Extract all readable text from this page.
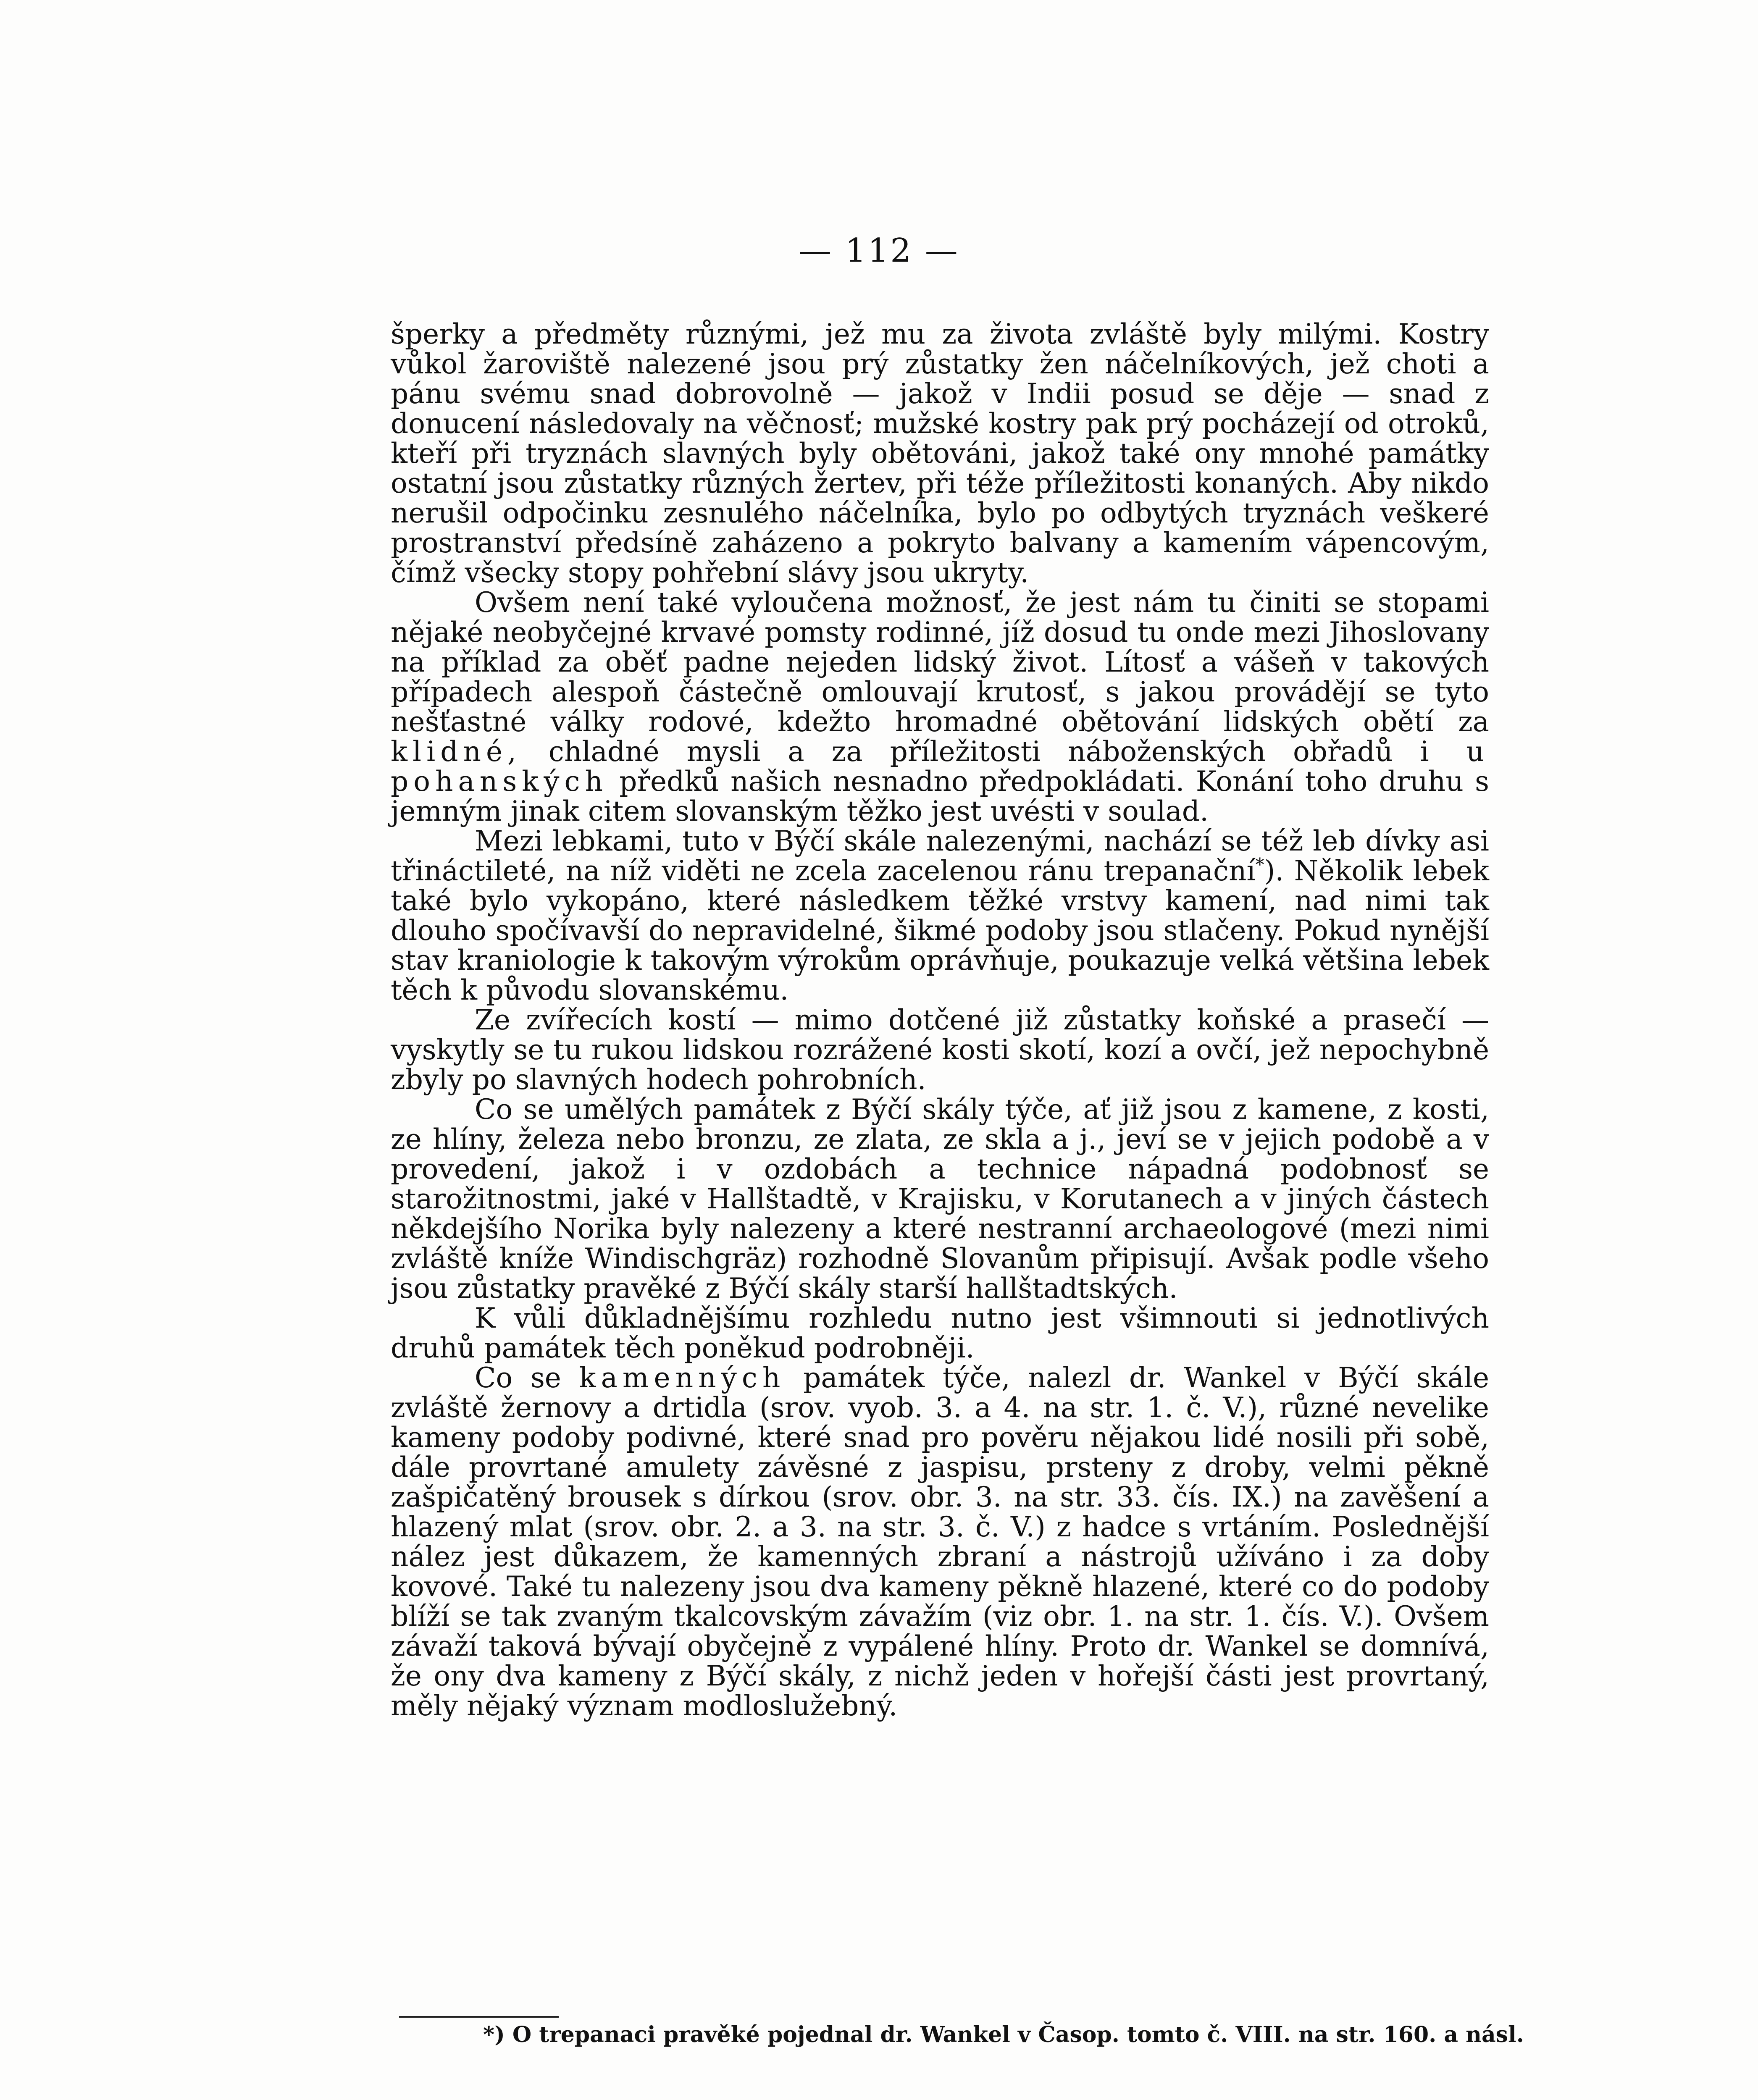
— 112 —

šperky a předměty různými, jež mu za života zvláště byly milými. Kostry vůkol žaroviště nalezené jsou prý zůstatky žen náčelníkových, jež choti a pánu svému snad dobrovolně — jakož v Indii posud se děje — snad z donucení následovaly na věčnosť; mužské kostry pak prý pocházejí od otroků, kteří při tryznách slavných byly obětováni, jakož také ony mnohé památky ostatní jsou zůstatky různých žertev, při téže příležitosti konaných. Aby nikdo nerušil odpočinku zesnulého náčelníka, bylo po odbytých tryznách veškeré prostranství předsíně zaházeno a pokryto balvany a kamením vápencovým, čímž všecky stopy pohřební slávy jsou ukryty.

Ovšem není také vyloučena možnosť, že jest nám tu činiti se stopami nějaké neobyčejné krvavé pomsty rodinné, jíž dosud tu onde mezi Jihoslovany na příklad za oběť padne nejeden lidský život. Lítosť a vášeň v takových případech alespoň částečně omlouvají krutosť, s jakou provádějí se tyto nešťastné války rodové, kdežto hromadné obětování lidských obětí za klidné, chladné mysli a za příležitosti náboženských obřadů i u pohanských předků našich nesnadno předpokládati. Konání toho druhu s jemným jinak citem slovanským těžko jest uvésti v soulad.

Mezi lebkami, tuto v Býčí skále nalezenými, nachází se též leb dívky asi třináctileté, na níž viděti ne zcela zacelenou ránu trepanační*). Několik lebek také bylo vykopáno, které následkem těžké vrstvy kamení, nad nimi tak dlouho spočívavší do nepravidelné, šikmé podoby jsou stlačeny. Pokud nynější stav kraniologie k takovým výrokům oprávňuje, poukazuje velká většina lebek těch k původu slovanskému.

Ze zvířecích kostí — mimo dotčené již zůstatky koňské a prasečí — vyskytly se tu rukou lidskou rozrážené kosti skotí, kozí a ovčí, jež nepochybně zbyly po slavných hodech pohrobních.

Co se umělých památek z Býčí skály týče, ať již jsou z kamene, z kosti, ze hlíny, železa nebo bronzu, ze zlata, ze skla a j., jeví se v jejich podobě a v provedení, jakož i v ozdobách a technice nápadná podobnosť se starožitnostmi, jaké v Hallštadtě, v Krajisku, v Korutanech a v jiných částech někdejšího Norika byly nalezeny a které nestranní archaeologové (mezi nimi zvláště kníže Windischgräz) rozhodně Slovanům připisují. Avšak podle všeho jsou zůstatky pravěké z Býčí skály starší hallštadtských.

K vůli důkladnějšímu rozhledu nutno jest všimnouti si jednotlivých druhů památek těch poněkud podrobněji.

Co se kamenných památek týče, nalezl dr. Wankel v Býčí skále zvláště žernovy a drtidla (srov. vyob. 3. a 4. na str. 1. č. V.), různé nevelike kameny podoby podivné, které snad pro pověru nějakou lidé nosili při sobě, dále provrtané amulety závěsné z jaspisu, prsteny z droby, velmi pěkně zašpičatěný brousek s dírkou (srov. obr. 3. na str. 33. čís. IX.) na zavěšení a hlazený mlat (srov. obr. 2. a 3. na str. 3. č. V.) z hadce s vrtáním. Poslednější nález jest důkazem, že kamenných zbraní a nástrojů užíváno i za doby kovové. Také tu nalezeny jsou dva kameny pěkně hlazené, které co do podoby blíží se tak zvaným tkalcovským závažím (viz obr. 1. na str. 1. čís. V.). Ovšem závaží taková bývají obyčejně z vypálené hlíny. Proto dr. Wankel se domnívá, že ony dva kameny z Býčí skály, z nichž jeden v hořejší části jest provrtaný, měly nějaký význam modloslužebný.

*) O trepanaci pravěké pojednal dr. Wankel v Časop. tomto č. VIII. na str. 160. a násl.
